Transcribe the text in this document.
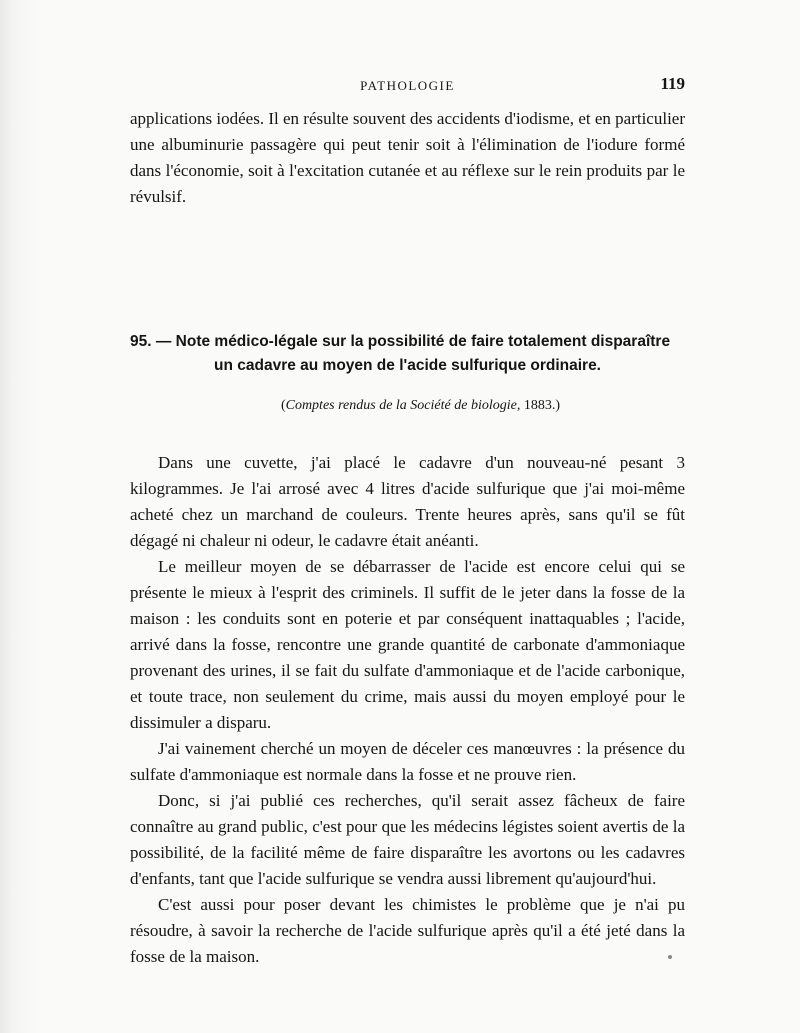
PATHOLOGIE	119

applications iodées. Il en résulte souvent des accidents d'iodisme, et en particulier une albuminurie passagère qui peut tenir soit à l'élimination de l'iodure formé dans l'économie, soit à l'excitation cutanée et au réflexe sur le rein produits par le révulsif.

95. — Note médico-légale sur la possibilité de faire totalement disparaître
un cadavre au moyen de l'acide sulfurique ordinaire.
(Comptes rendus de la Société de biologie, 1883.)

Dans une cuvette, j'ai placé le cadavre d'un nouveau-né pesant 3 kilogrammes. Je l'ai arrosé avec 4 litres d'acide sulfurique que j'ai moi-même acheté chez un marchand de couleurs. Trente heures après, sans qu'il se fût dégagé ni chaleur ni odeur, le cadavre était anéanti.

Le meilleur moyen de se débarrasser de l'acide est encore celui qui se présente le mieux à l'esprit des criminels. Il suffit de le jeter dans la fosse de la maison : les conduits sont en poterie et par conséquent inattaquables ; l'acide, arrivé dans la fosse, rencontre une grande quantité de carbonate d'ammoniaque provenant des urines, il se fait du sulfate d'ammoniaque et de l'acide carbonique, et toute trace, non seulement du crime, mais aussi du moyen employé pour le dissimuler a disparu.

J'ai vainement cherché un moyen de déceler ces manœuvres : la présence du sulfate d'ammoniaque est normale dans la fosse et ne prouve rien.

Donc, si j'ai publié ces recherches, qu'il serait assez fâcheux de faire connaître au grand public, c'est pour que les médecins légistes soient avertis de la possibilité, de la facilité même de faire disparaître les avortons ou les cadavres d'enfants, tant que l'acide sulfurique se vendra aussi librement qu'aujourd'hui.

C'est aussi pour poser devant les chimistes le problème que je n'ai pu résoudre, à savoir la recherche de l'acide sulfurique après qu'il a été jeté dans la fosse de la maison.
